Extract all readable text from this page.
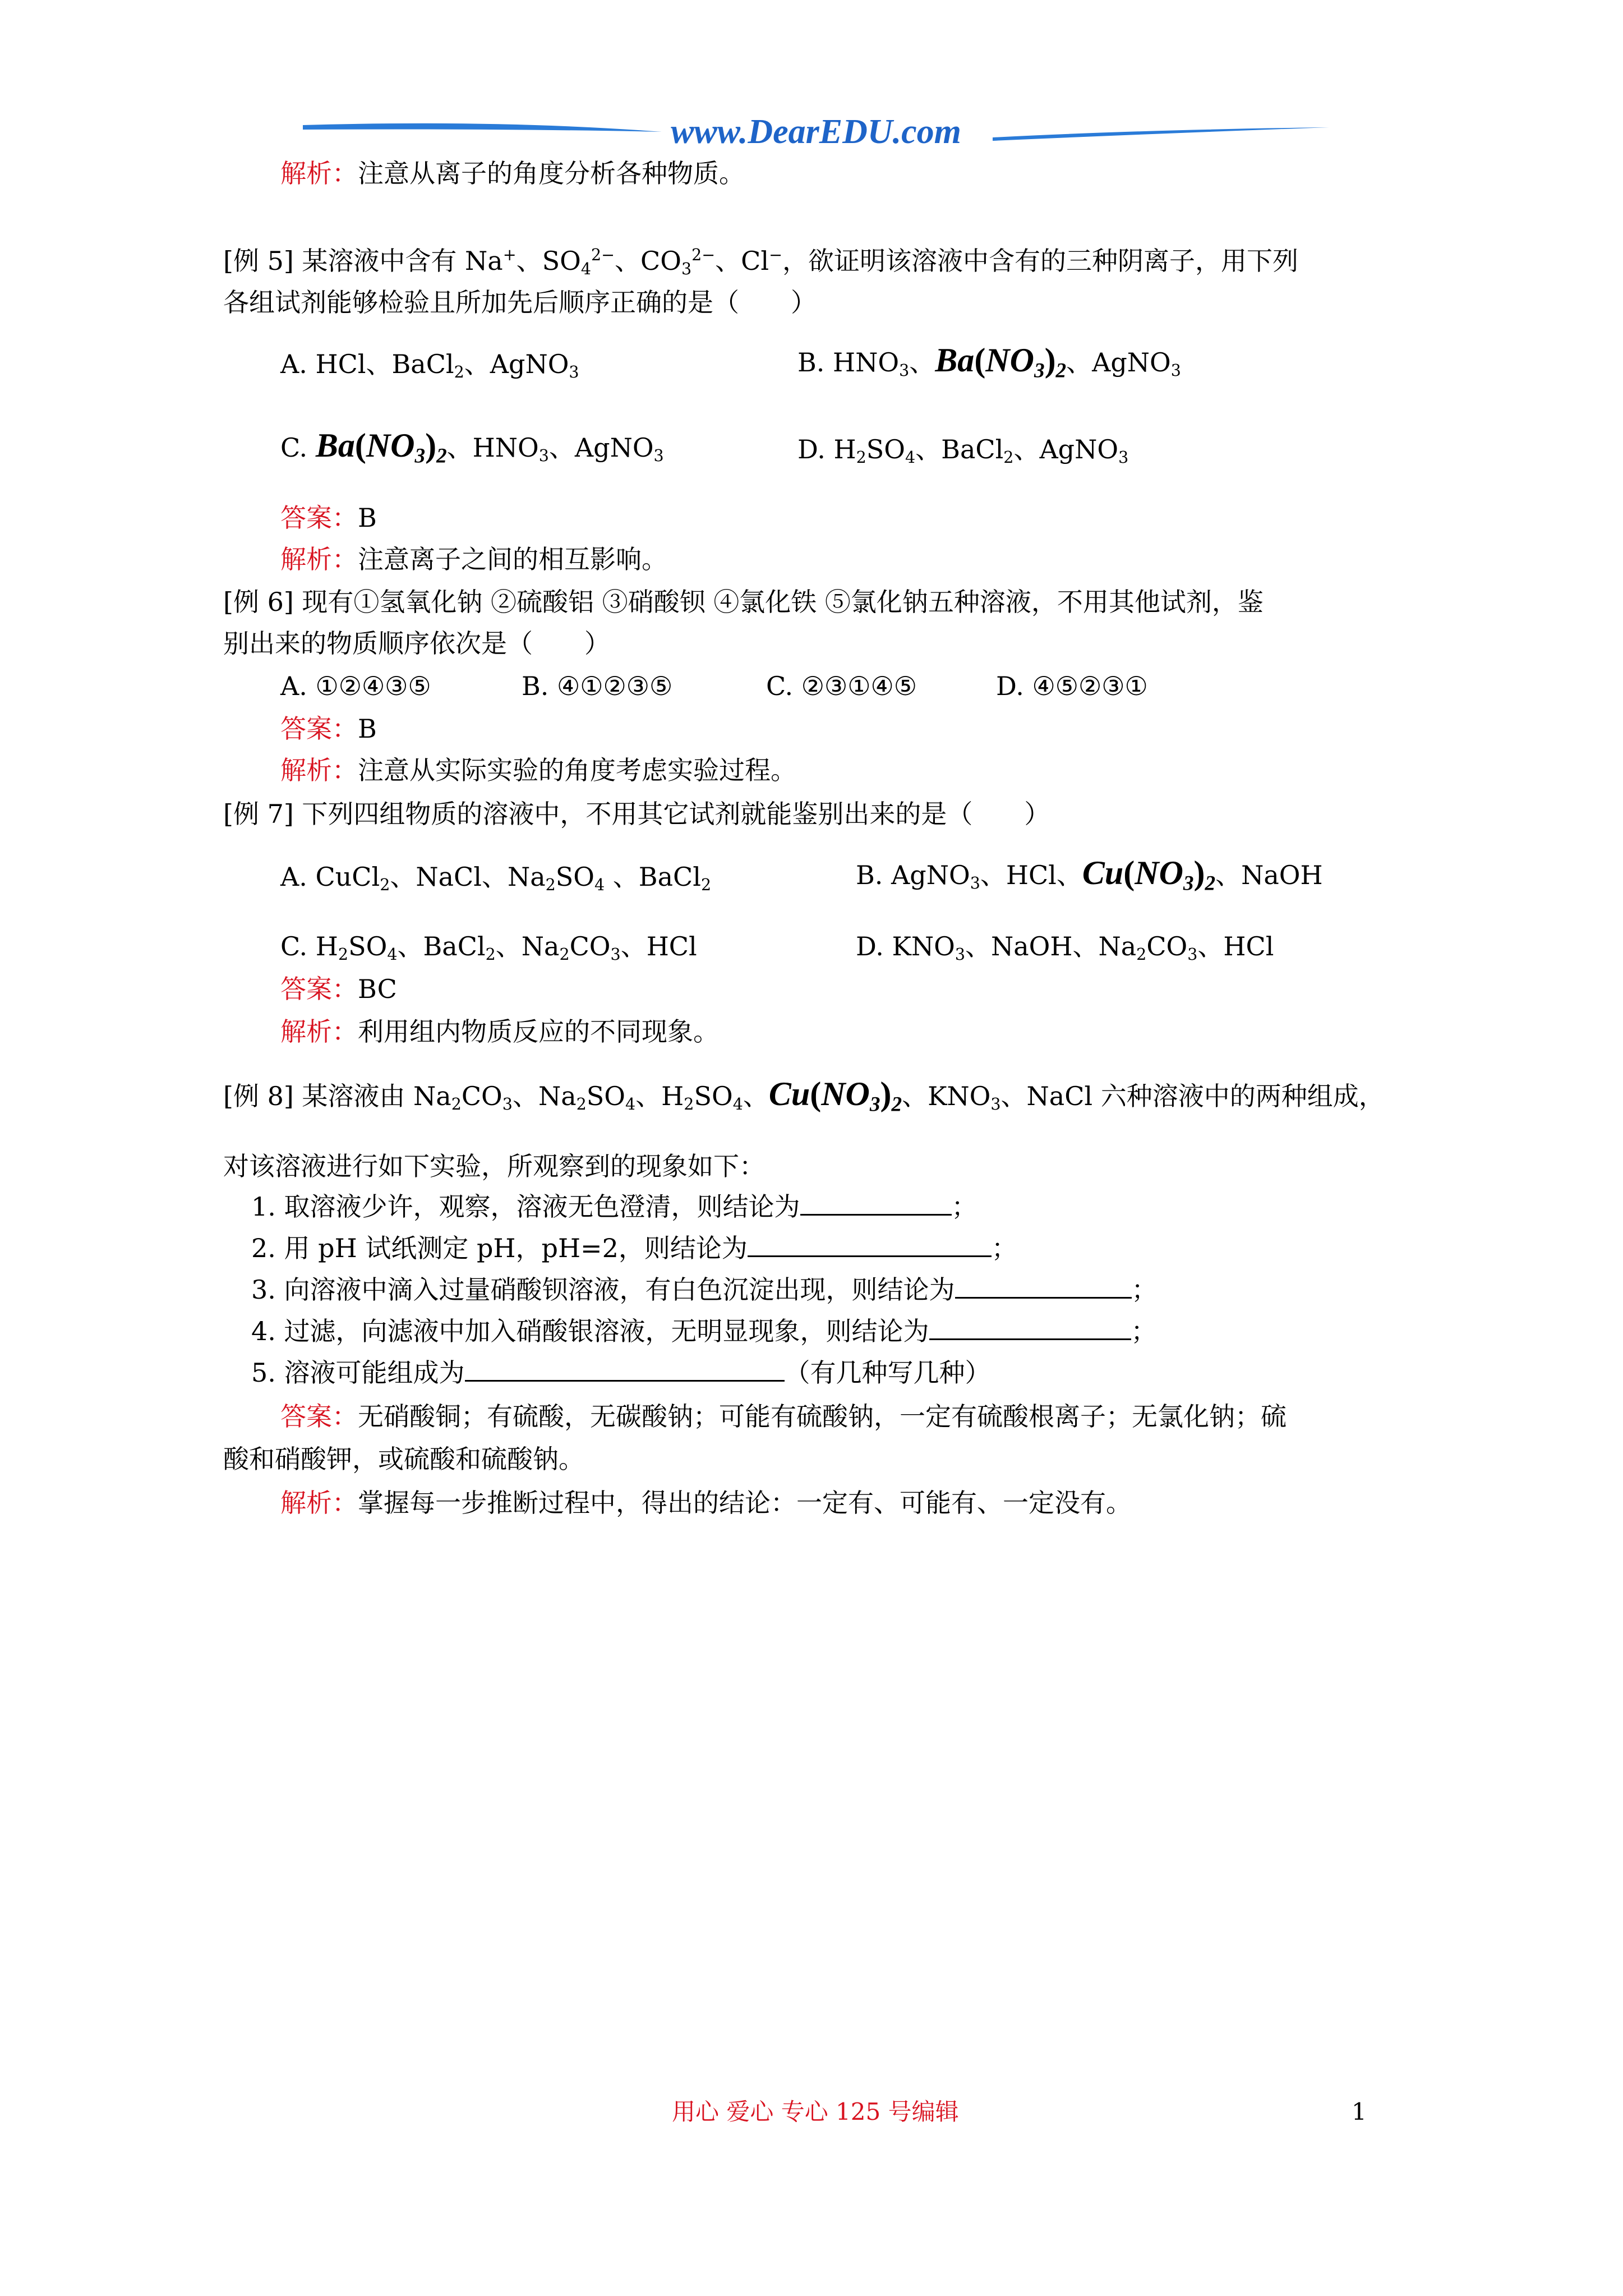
www.DearEDU.com
解析：注意从离子的角度分析各种物质。
[例 5] 某溶液中含有 Na+、$SO_4^{2-}$、$CO_3^{2-}$、Cl−，欲证明该溶液中含有的三种阴离子，用下列
各组试剂能够检验且所加先后顺序正确的是（　　）
A. HCl、BaCl$_2$、AgNO$_3$	B. $HNO_3$、$Ba(NO_3)_2$、AgNO$_3$
C. $Ba(NO_3)_2$、$HNO_3$、AgNO$_3$	D. $H_2SO_4$、BaCl$_2$、AgNO$_3$
答案：B
解析：注意离子之间的相互影响。
[例 6] 现有①氢氧化钠 ②硫酸铝 ③硝酸钡 ④氯化铁 ⑤氯化钠五种溶液，不用其他试剂，鉴
别出来的物质顺序依次是（　　）
A. ①②④③⑤	B. ④①②③⑤	C. ②③①④⑤	D. ④⑤②③①
答案：B
解析：注意从实际实验的角度考虑实验过程。
[例 7] 下列四组物质的溶液中，不用其它试剂就能鉴别出来的是（　　）
A. CuCl$_2$、NaCl、$Na_2SO_4$ 、BaCl$_2$	B. AgNO$_3$、HCl、$Cu(NO_3)_2$、NaOH
C. $H_2SO_4$、BaCl$_2$、$Na_2CO_3$、HCl	D. $KNO_3$、NaOH、$Na_2CO_3$、HCl
答案：BC
解析：利用组内物质反应的不同现象。
[例 8] 某溶液由 $Na_2CO_3$、$Na_2SO_4$、$H_2SO_4$、$Cu(NO_3)_2$、$KNO_3$、NaCl 六种溶液中的两种组成，
对该溶液进行如下实验，所观察到的现象如下：
1. 取溶液少许，观察，溶液无色澄清，则结论为	；
2. 用 pH 试纸测定 pH，pH=2，则结论为	；
3. 向溶液中滴入过量硝酸钡溶液，有白色沉淀出现，则结论为	；
4. 过滤，向滤液中加入硝酸银溶液，无明显现象，则结论为	；
5. 溶液可能组成为	（有几种写几种）
答案：无硝酸铜；有硫酸，无碳酸钠；可能有硫酸钠，一定有硫酸根离子；无氯化钠；硫
酸和硝酸钾，或硫酸和硫酸钠。
解析：掌握每一步推断过程中，得出的结论：一定有、可能有、一定没有。
用心 爱心 专心 125 号编辑	1
